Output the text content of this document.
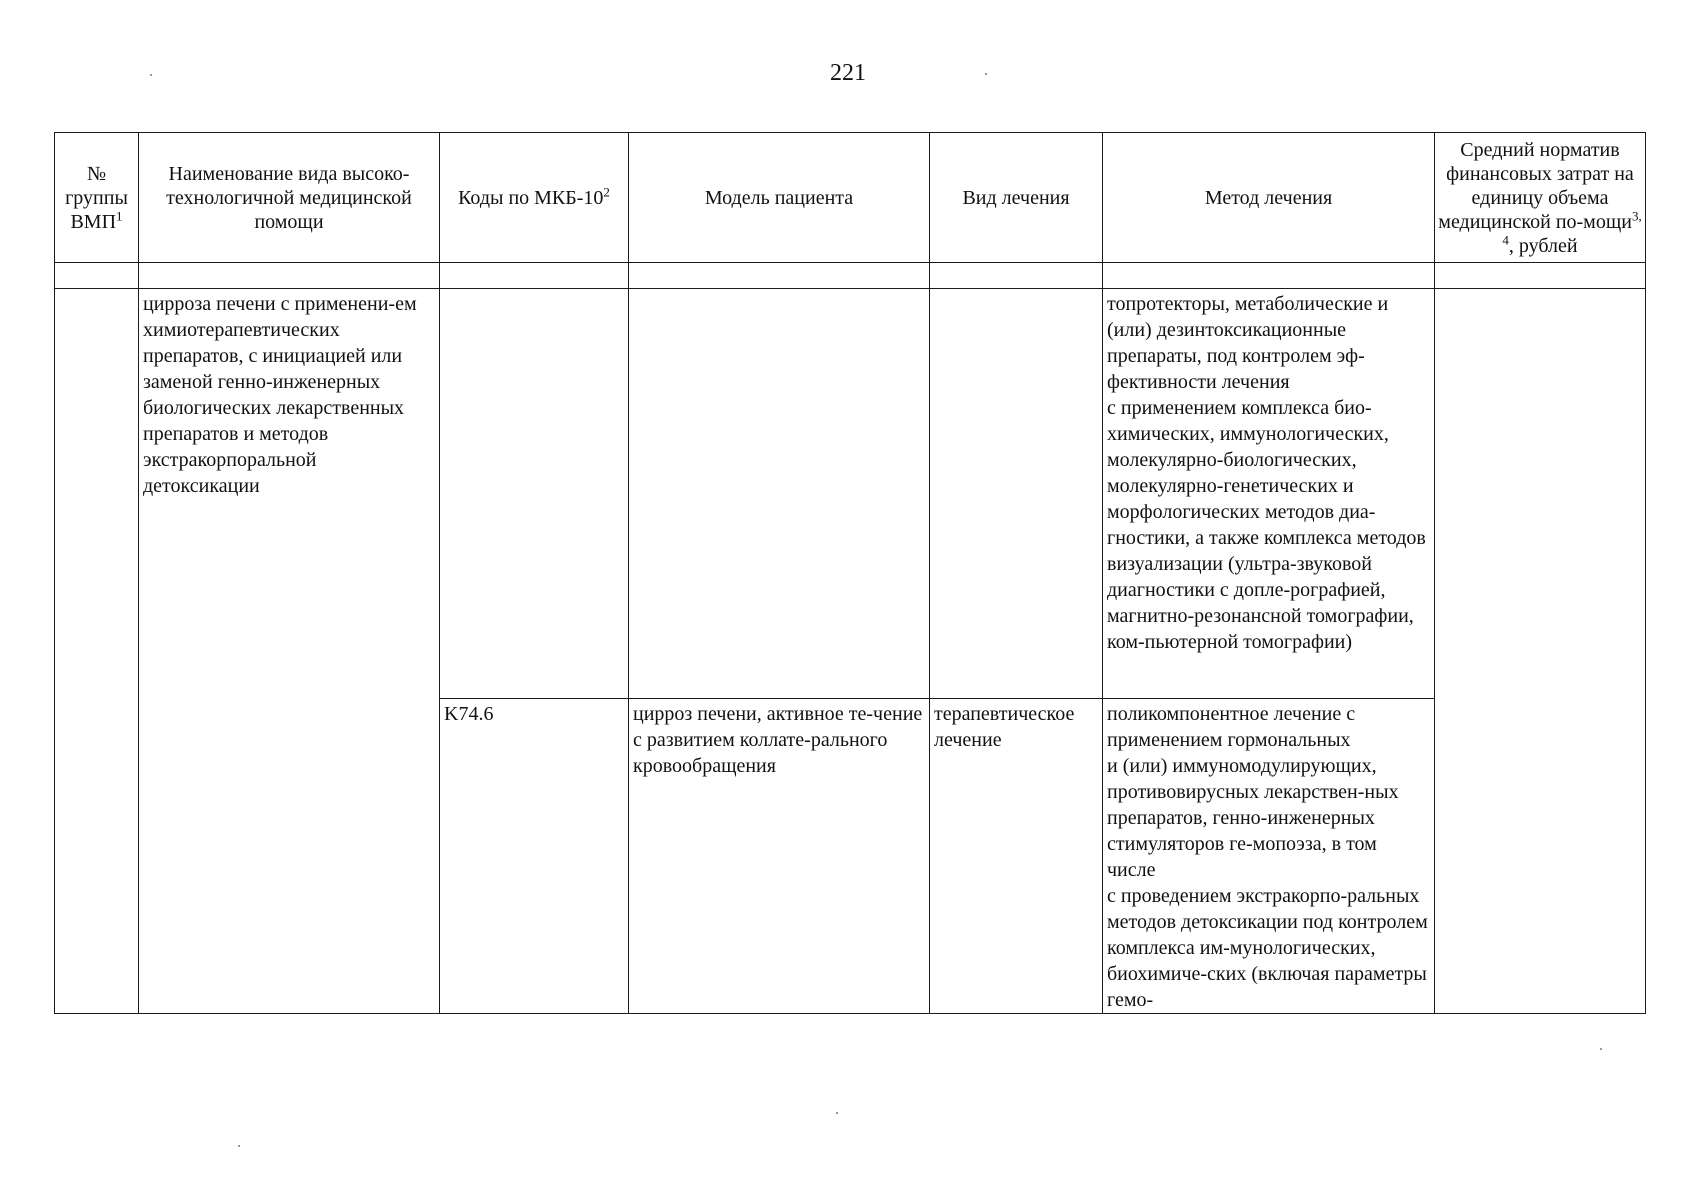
221
№ группы ВМП$^1$	Наименование вида высоко-технологичной медицинской помощи	Коды по МКБ-$10^2$	Модель пациента	Вид лечения	Метод лечения	Средний норматив финансовых затрат на единицу объема медицинской по-мощи$^{3, 4}$, рублей

	цирроза печени с применени-ем химиотерапевтических препаратов, с инициацией или заменой генно-инженерных биологических лекарственных препаратов и методов экстракорпоральной детоксикации				топротекторы, метаболические и (или) дезинтоксикационные препараты, под контролем эф-фективности лечения
с применением комплекса био-химических, иммунологических, молекулярно-биологических, молекулярно-генетических и морфологических методов диа-гностики, а также комплекса методов визуализации (ультра-звуковой диагностики с допле-рографией, магнитно-резонансной томографии, ком-пьютерной томографии)	

		K74.6	цирроз печени, активное те-чение с развитием коллате-рального кровообращения	терапевтическое лечение	поликомпонентное лечение с применением гормональных
и (или) иммуномодулирующих, противовирусных лекарствен-ных препаратов, генно-инженерных стимуляторов ге-мопоэза, в том числе
с проведением экстракорпо-ральных методов детоксикации под контролем комплекса им-мунологических, биохимиче-ских (включая параметры гемо-	
